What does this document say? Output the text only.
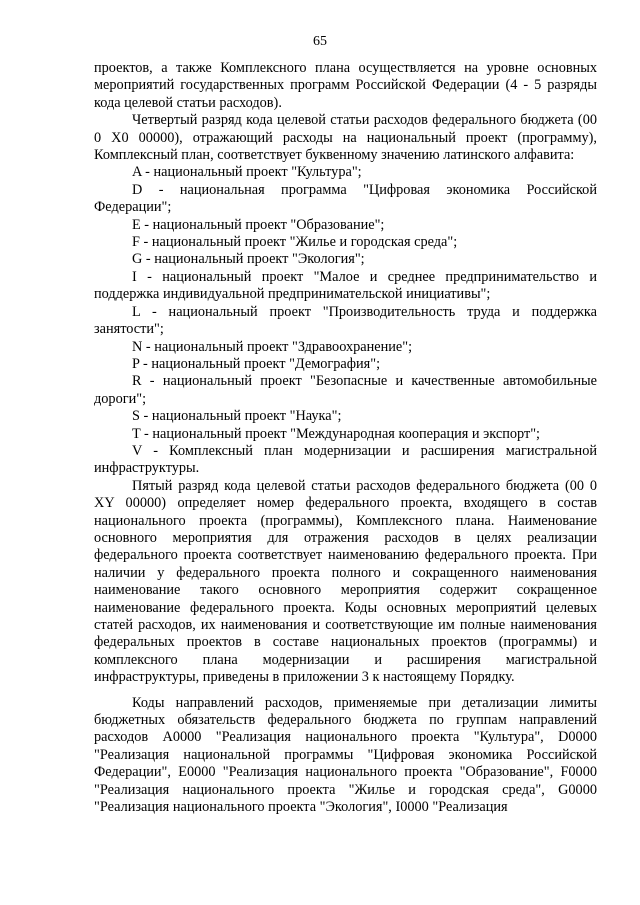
65

проектов, а также Комплексного плана осуществляется на уровне основных мероприятий государственных программ Российской Федерации (4 - 5 разряды кода целевой статьи расходов).

Четвертый разряд кода целевой статьи расходов федерального бюджета (00 0 X0 00000), отражающий расходы на национальный проект (программу), Комплексный план, соответствует буквенному значению латинского алфавита:

A - национальный проект "Культура";

D - национальная программа "Цифровая экономика Российской Федерации";

E - национальный проект "Образование";

F - национальный проект "Жилье и городская среда";

G - национальный проект "Экология";

I - национальный проект "Малое и среднее предпринимательство и поддержка индивидуальной предпринимательской инициативы";

L - национальный проект "Производительность труда и поддержка занятости";

N - национальный проект "Здравоохранение";

P - национальный проект "Демография";

R - национальный проект "Безопасные и качественные автомобильные дороги";

S - национальный проект "Наука";

T - национальный проект "Международная кооперация и экспорт";

V - Комплексный план модернизации и расширения магистральной инфраструктуры.

Пятый разряд кода целевой статьи расходов федерального бюджета (00 0 XY 00000) определяет номер федерального проекта, входящего в состав национального проекта (программы), Комплексного плана. Наименование основного мероприятия для отражения расходов в целях реализации федерального проекта соответствует наименованию федерального проекта. При наличии у федерального проекта полного и сокращенного наименования наименование такого основного мероприятия содержит сокращенное наименование федерального проекта. Коды основных мероприятий целевых статей расходов, их наименования и соответствующие им полные наименования федеральных проектов в составе национальных проектов (программы) и комплексного плана модернизации и расширения магистральной инфраструктуры, приведены в приложении 3 к настоящему Порядку.

Коды направлений расходов, применяемые при детализации лимиты бюджетных обязательств федерального бюджета по группам направлений расходов A0000 "Реализация национального проекта "Культура", D0000 "Реализация национальной программы "Цифровая экономика Российской Федерации", E0000 "Реализация национального проекта "Образование", F0000 "Реализация национального проекта "Жилье и городская среда", G0000 "Реализация национального проекта "Экология", I0000 "Реализация
